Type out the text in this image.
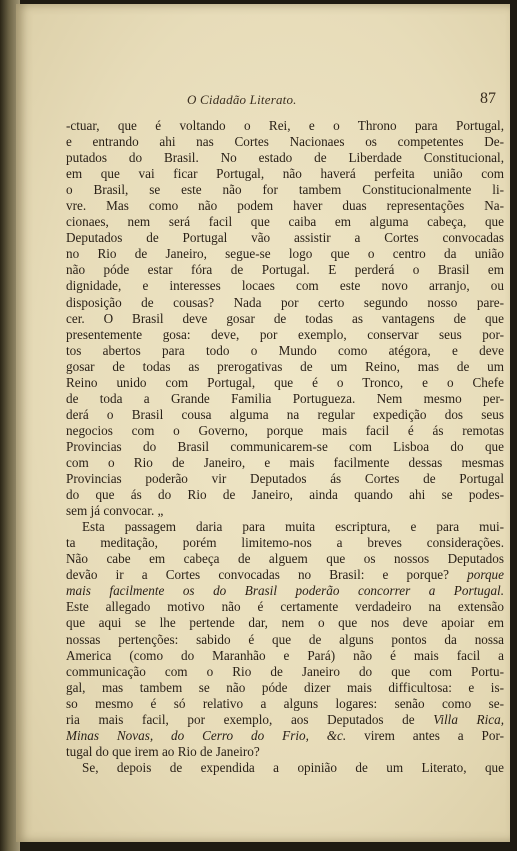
O Cidadão Literato.	87
-ctuar, que é voltando o Rei, e o Throno para Portugal,
e entrando ahi nas Cortes Nacionaes os competentes De-
putados do Brasil. No estado de Liberdade Constitucional,
em que vai ficar Portugal, não haverá perfeita união com
o Brasil, se este não for tambem Constitucionalmente li-
vre. Mas como não podem haver duas representações Na-
cionaes, nem será facil que caiba em alguma cabeça, que
Deputados de Portugal vão assistir a Cortes convocadas
no Rio de Janeiro, segue-se logo que o centro da união
não póde estar fóra de Portugal. E perderá o Brasil em
dignidade, e interesses locaes com este novo arranjo, ou
disposição de cousas? Nada por certo segundo nosso pare-
cer. O Brasil deve gosar de todas as vantagens de que
presentemente gosa: deve, por exemplo, conservar seus por-
tos abertos para todo o Mundo como atégora, e deve
gosar de todas as prerogativas de um Reino, mas de um
Reino unido com Portugal, que é o Tronco, e o Chefe
de toda a Grande Familia Portugueza. Nem mesmo per-
derá o Brasil cousa alguma na regular expedição dos seus
negocios com o Governo, porque mais facil é ás remotas
Provincias do Brasil communicarem-se com Lisboa do que
com o Rio de Janeiro, e mais facilmente dessas mesmas
Provincias poderão vir Deputados ás Cortes de Portugal
do que ás do Rio de Janeiro, ainda quando ahi se podes-
sem já convocar. „
Esta passagem daria para muita escriptura, e para mui-
ta meditação, porém limitemo-nos a breves considerações.
Não cabe em cabeça de alguem que os nossos Deputados
devão ir a Cortes convocadas no Brasil: e porque? porque
mais facilmente os do Brasil poderão concorrer a Portugal.
Este allegado motivo não é certamente verdadeiro na extensão
que aqui se lhe pertende dar, nem o que nos deve apoiar em
nossas pertenções: sabido é que de alguns pontos da nossa
America (como do Maranhão e Pará) não é mais facil a
communicação com o Rio de Janeiro do que com Portu-
gal, mas tambem se não póde dizer mais difficultosa: e is-
so mesmo é só relativo a alguns logares: senão como se-
ria mais facil, por exemplo, aos Deputados de Villa Rica,
Minas Novas, do Cerro do Frio, &c. virem antes a Por-
tugal do que irem ao Rio de Janeiro?
Se, depois de expendida a opinião de um Literato, que
